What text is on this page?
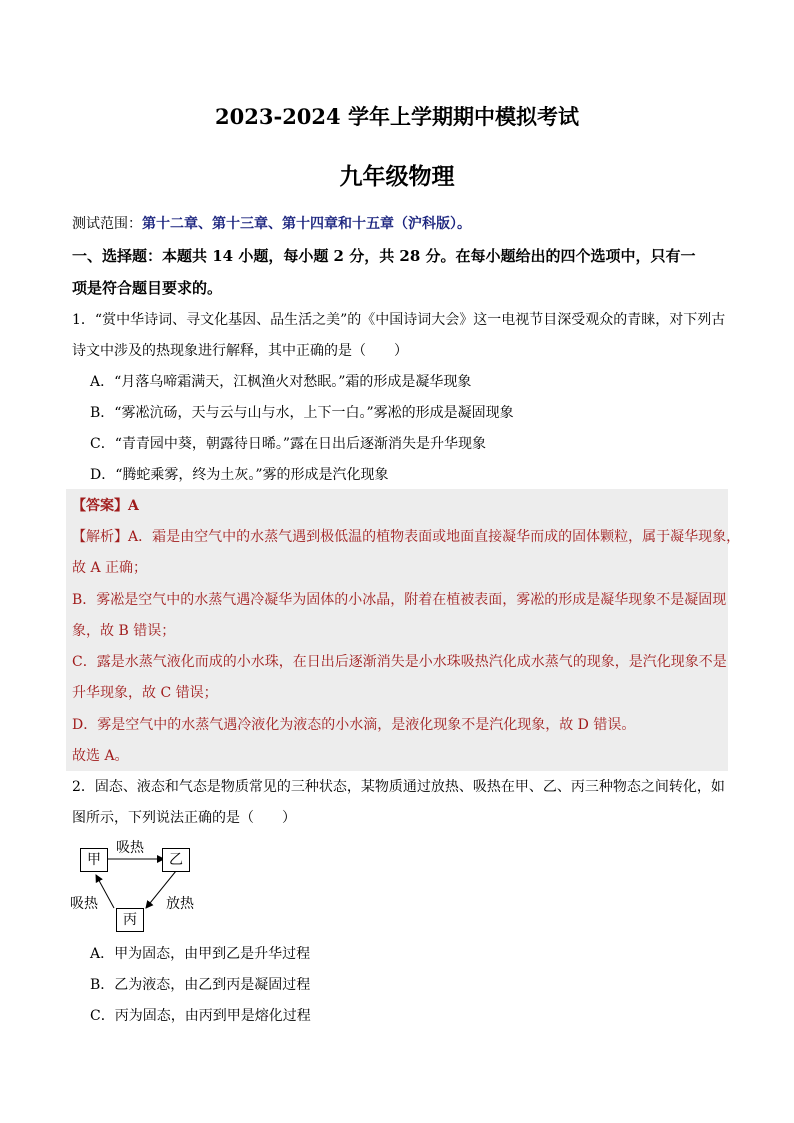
2023-2024 学年上学期期中模拟考试
九年级物理
测试范围：第十二章、第十三章、第十四章和十五章（沪科版）。
一、选择题：本题共 14 小题，每小题 2 分，共 28 分。在每小题给出的四个选项中，只有一
项是符合题目要求的。
1．“赏中华诗词、寻文化基因、品生活之美”的《中国诗词大会》这一电视节目深受观众的青睐，对下列古
诗文中涉及的热现象进行解释，其中正确的是（　　）
A．“月落乌啼霜满天，江枫渔火对愁眠。”霜的形成是凝华现象
B．“雾凇沆砀，天与云与山与水，上下一白。”雾凇的形成是凝固现象
C．“青青园中葵，朝露待日晞。”露在日出后逐渐消失是升华现象
D．“腾蛇乘雾，终为土灰。”雾的形成是汽化现象
【答案】A
【解析】A．霜是由空气中的水蒸气遇到极低温的植物表面或地面直接凝华而成的固体颗粒，属于凝华现象，
故 A 正确；
B．雾凇是空气中的水蒸气遇冷凝华为固体的小冰晶，附着在植被表面，雾凇的形成是凝华现象不是凝固现
象，故 B 错误；
C．露是水蒸气液化而成的小水珠，在日出后逐渐消失是小水珠吸热汽化成水蒸气的现象，是汽化现象不是
升华现象，故 C 错误；
D．雾是空气中的水蒸气遇冷液化为液态的小水滴，是液化现象不是汽化现象，故 D 错误。
故选 A。
2．固态、液态和气态是物质常见的三种状态，某物质通过放热、吸热在甲、乙、丙三种物态之间转化，如
图所示，下列说法正确的是（　　）
甲	乙
丙
吸热
放热
吸热
A．甲为固态，由甲到乙是升华过程
B．乙为液态，由乙到丙是凝固过程
C．丙为固态，由丙到甲是熔化过程
